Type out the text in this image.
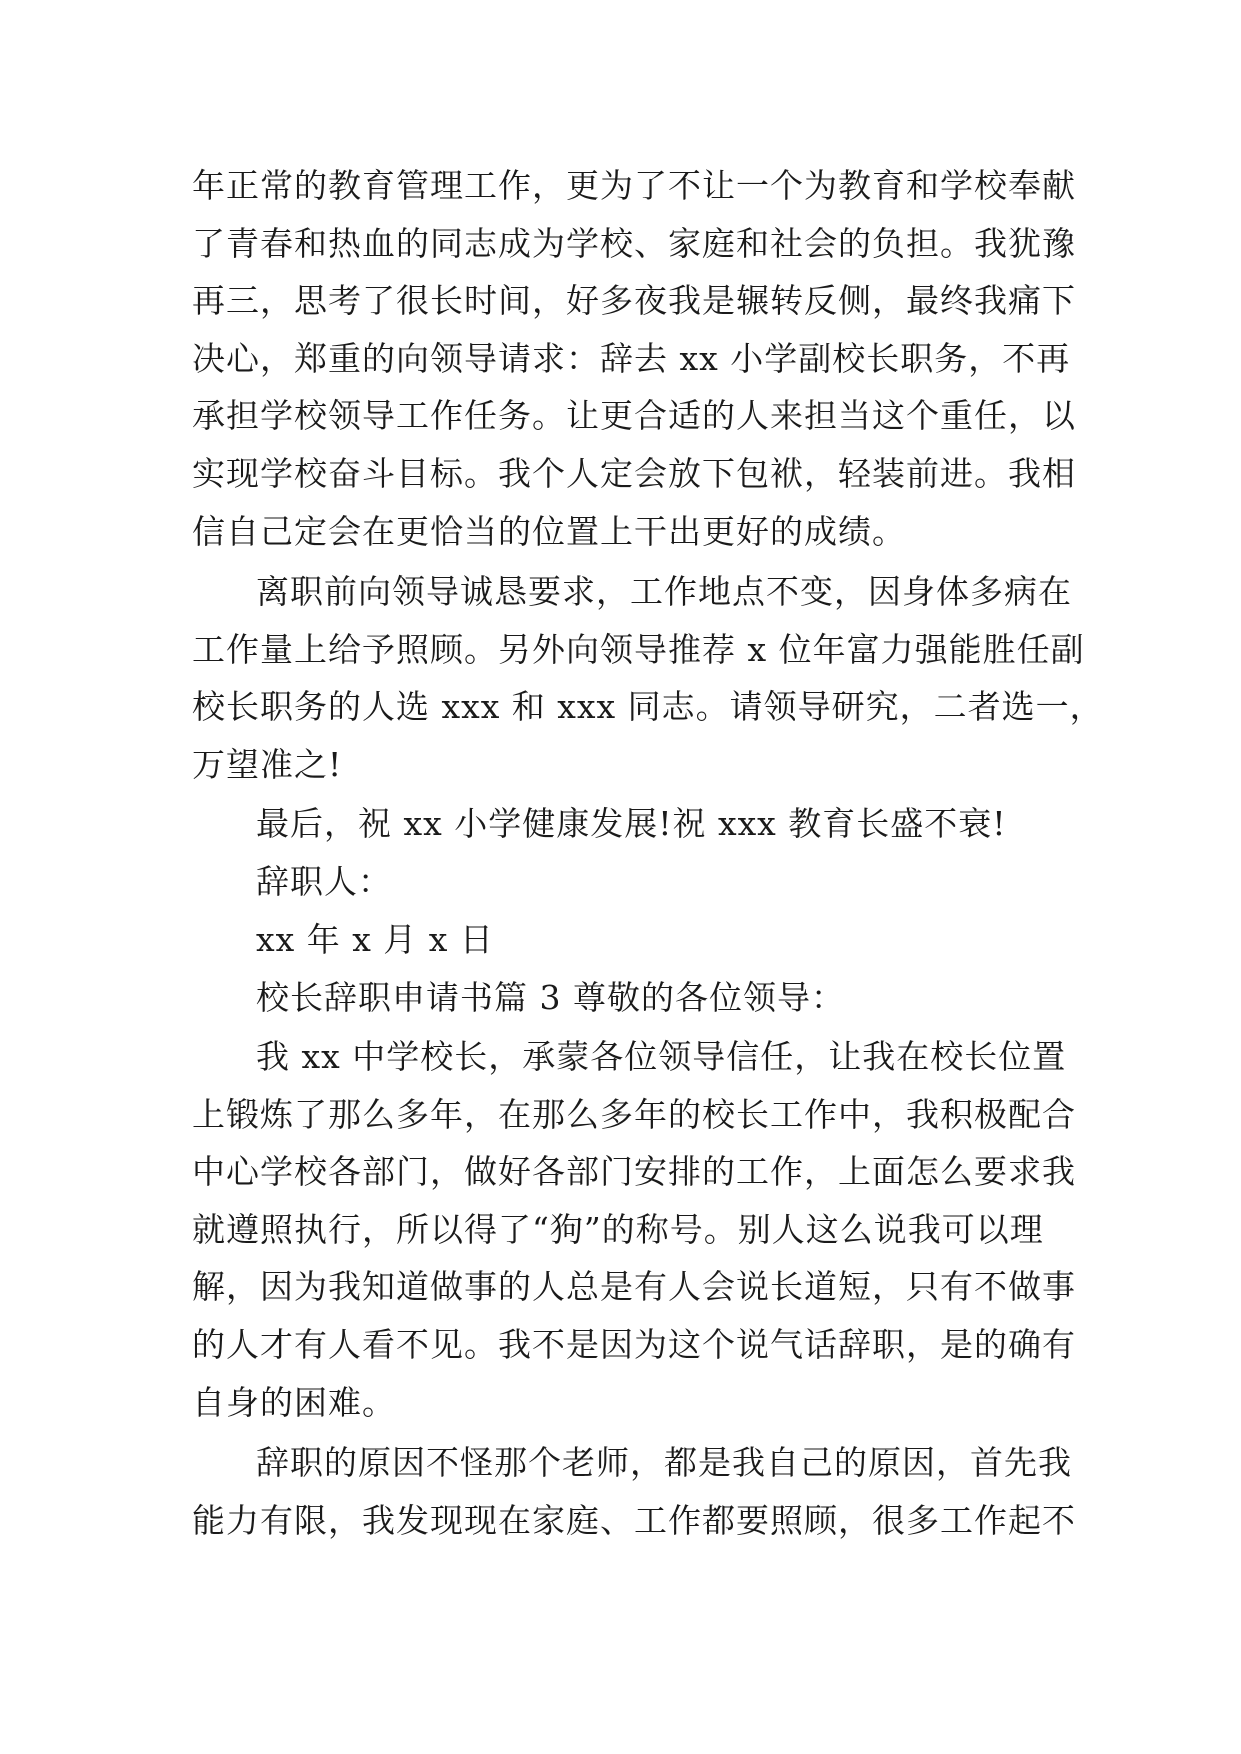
年正常的教育管理工作，更为了不让一个为教育和学校奉献
了青春和热血的同志成为学校、家庭和社会的负担。我犹豫
再三，思考了很长时间，好多夜我是辗转反侧，最终我痛下
决心，郑重的向领导请求：辞去 xx 小学副校长职务，不再
承担学校领导工作任务。让更合适的人来担当这个重任，以
实现学校奋斗目标。我个人定会放下包袱，轻装前进。我相
信自己定会在更恰当的位置上干出更好的成绩。
离职前向领导诚恳要求，工作地点不变，因身体多病在
工作量上给予照顾。另外向领导推荐 x 位年富力强能胜任副
校长职务的人选 xxx 和 xxx 同志。请领导研究，二者选一，
万望准之!
最后，祝 xx 小学健康发展!祝 xxx 教育长盛不衰!
辞职人：
xx 年 x 月 x 日
校长辞职申请书篇 3 尊敬的各位领导：
我 xx 中学校长，承蒙各位领导信任，让我在校长位置
上锻炼了那么多年，在那么多年的校长工作中，我积极配合
中心学校各部门，做好各部门安排的工作，上面怎么要求我
就遵照执行，所以得了“狗”的称号。别人这么说我可以理
解，因为我知道做事的人总是有人会说长道短，只有不做事
的人才有人看不见。我不是因为这个说气话辞职，是的确有
自身的困难。
辞职的原因不怪那个老师，都是我自己的原因，首先我
能力有限，我发现现在家庭、工作都要照顾，很多工作起不
